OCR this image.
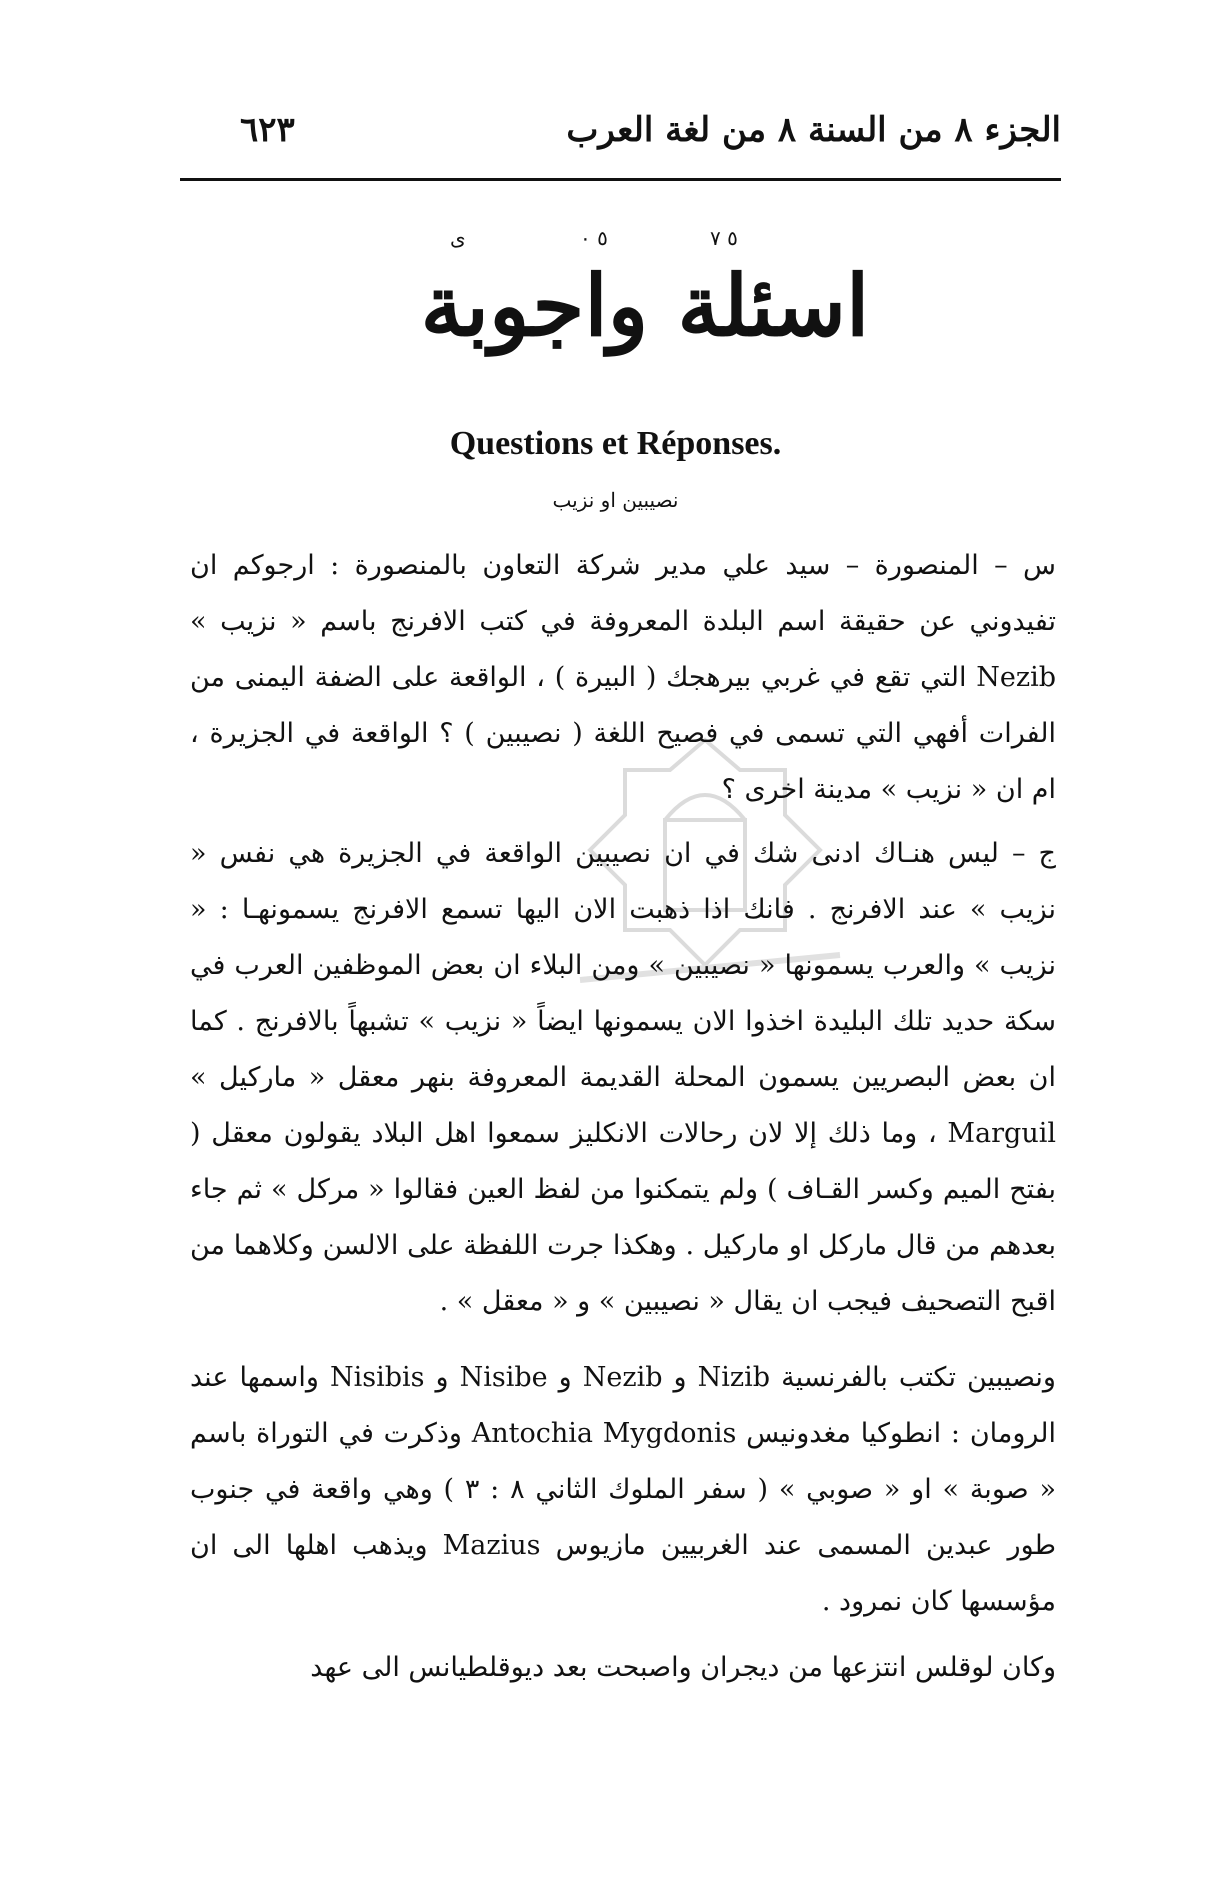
الجزء ٨ من السنة ٨ من لغة العرب
٦٢٣
اسئلة واجوبة
٥ ٧
٥ ٠
ى
Questions et Réponses.
نصيبين او نزيب
س – المنصورة – سيد علي مدير شركة التعاون بالمنصورة : ارجوكم ان تفيدوني عن حقيقة اسم البلدة المعروفة في كتب الافرنج باسم « نزيب » Nezib التي تقع في غربي بيرهجك ( البيرة ) ، الواقعة على الضفة اليمنى من الفرات أفهي التي تسمى في فصيح اللغة ( نصيبين ) ؟ الواقعة في الجزيرة ، ام ان « نزيب » مدينة اخرى ؟
ج – ليس هنـاك ادنى شك في ان نصيبين الواقعة في الجزيرة هي نفس « نزيب » عند الافرنج . فانك اذا ذهبت الان اليها تسمع الافرنج يسمونهـا : « نزيب » والعرب يسمونها « نصيبين » ومن البلاء ان بعض الموظفين العرب في سكة حديد تلك البليدة اخذوا الان يسمونها ايضاً « نزيب » تشبهاً بالافرنج . كما ان بعض البصريين يسمون المحلة القديمة المعروفة بنهر معقل « ماركيل » Marguil ، وما ذلك إلا لان رحالات الانكليز سمعوا اهل البلاد يقولون معقل ( بفتح الميم وكسر القـاف ) ولم يتمكنوا من لفظ العين فقالوا « مركل » ثم جاء بعدهم من قال ماركل او ماركيل . وهكذا جرت اللفظة على الالسن وكلاهما من اقبح التصحيف فيجب ان يقال « نصيبين » و « معقل » .
ونصيبين تكتب بالفرنسية Nizib و Nezib و Nisibe و Nisibis واسمها عند الرومان : انطوكيا مغدونيس Antochia Mygdonis وذكرت في التوراة باسم « صوبة » او « صوبي » ( سفر الملوك الثاني ٨ : ٣ ) وهي واقعة في جنوب طور عبدين المسمى عند الغربيين مازيوس Mazius ويذهب اهلها الى ان مؤسسها كان نمرود .
وكان لوقلس انتزعها من ديجران واصبحت بعد ديوقلطيانس الى عهد
